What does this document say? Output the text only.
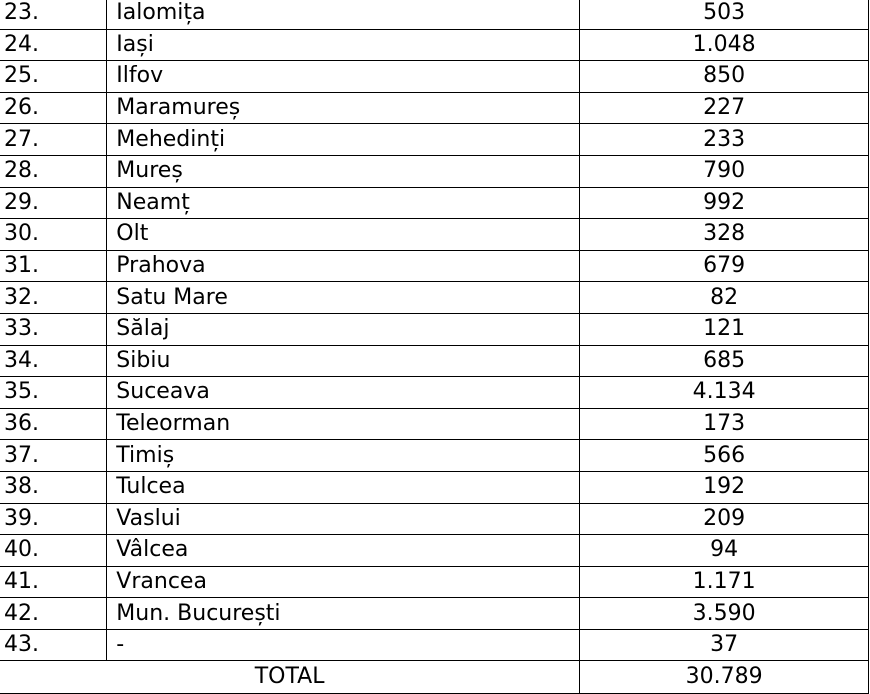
23.	Ialomița	503
24.	Iași	1.048
25.	Ilfov	850
26.	Maramureș	227
27.	Mehedinți	233
28.	Mureș	790
29.	Neamț	992
30.	Olt	328
31.	Prahova	679
32.	Satu Mare	82
33.	Sălaj	121
34.	Sibiu	685
35.	Suceava	4.134
36.	Teleorman	173
37.	Timiș	566
38.	Tulcea	192
39.	Vaslui	209
40.	Vâlcea	94
41.	Vrancea	1.171
42.	Mun. București	3.590
43.	-	37
TOTAL		30.789
